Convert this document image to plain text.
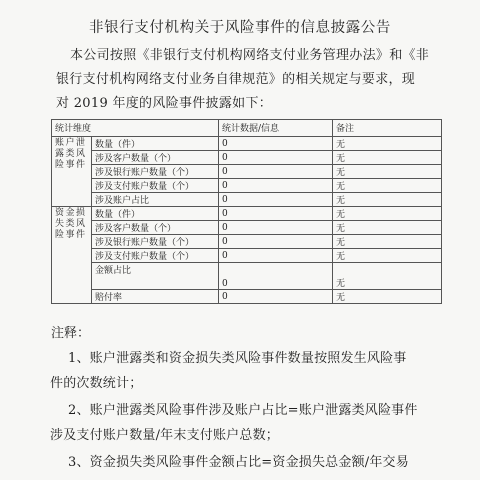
非银行支付机构关于风险事件的信息披露公告
本公司按照《非银行支付机构网络支付业务管理办法》和《非
银行支付机构网络支付业务自律规范》的相关规定与要求，现
对 2019 年度的风险事件披露如下：
统计维度		统计数据/信息	备注
账户泄露类风险事件	数量（件）	0	无
	涉及客户数量（个）	0	无
	涉及银行账户数量（个）	0	无
	涉及支付账户数量（个）	0	无
	涉及账户占比	0	无
资金损失类风险事件	数量（件）	0	无
	涉及客户数量（个）	0	无
	涉及银行账户数量（个）	0	无
	涉及支付账户数量（个）	0	无
	金额占比	0	无
	赔付率	0	无
注释：
1、账户泄露类和资金损失类风险事件数量按照发生风险事
件的次数统计；
2、账户泄露类风险事件涉及账户占比=账户泄露类风险事件
涉及支付账户数量/年末支付账户总数；
3、资金损失类风险事件金额占比=资金损失总金额/年交易
